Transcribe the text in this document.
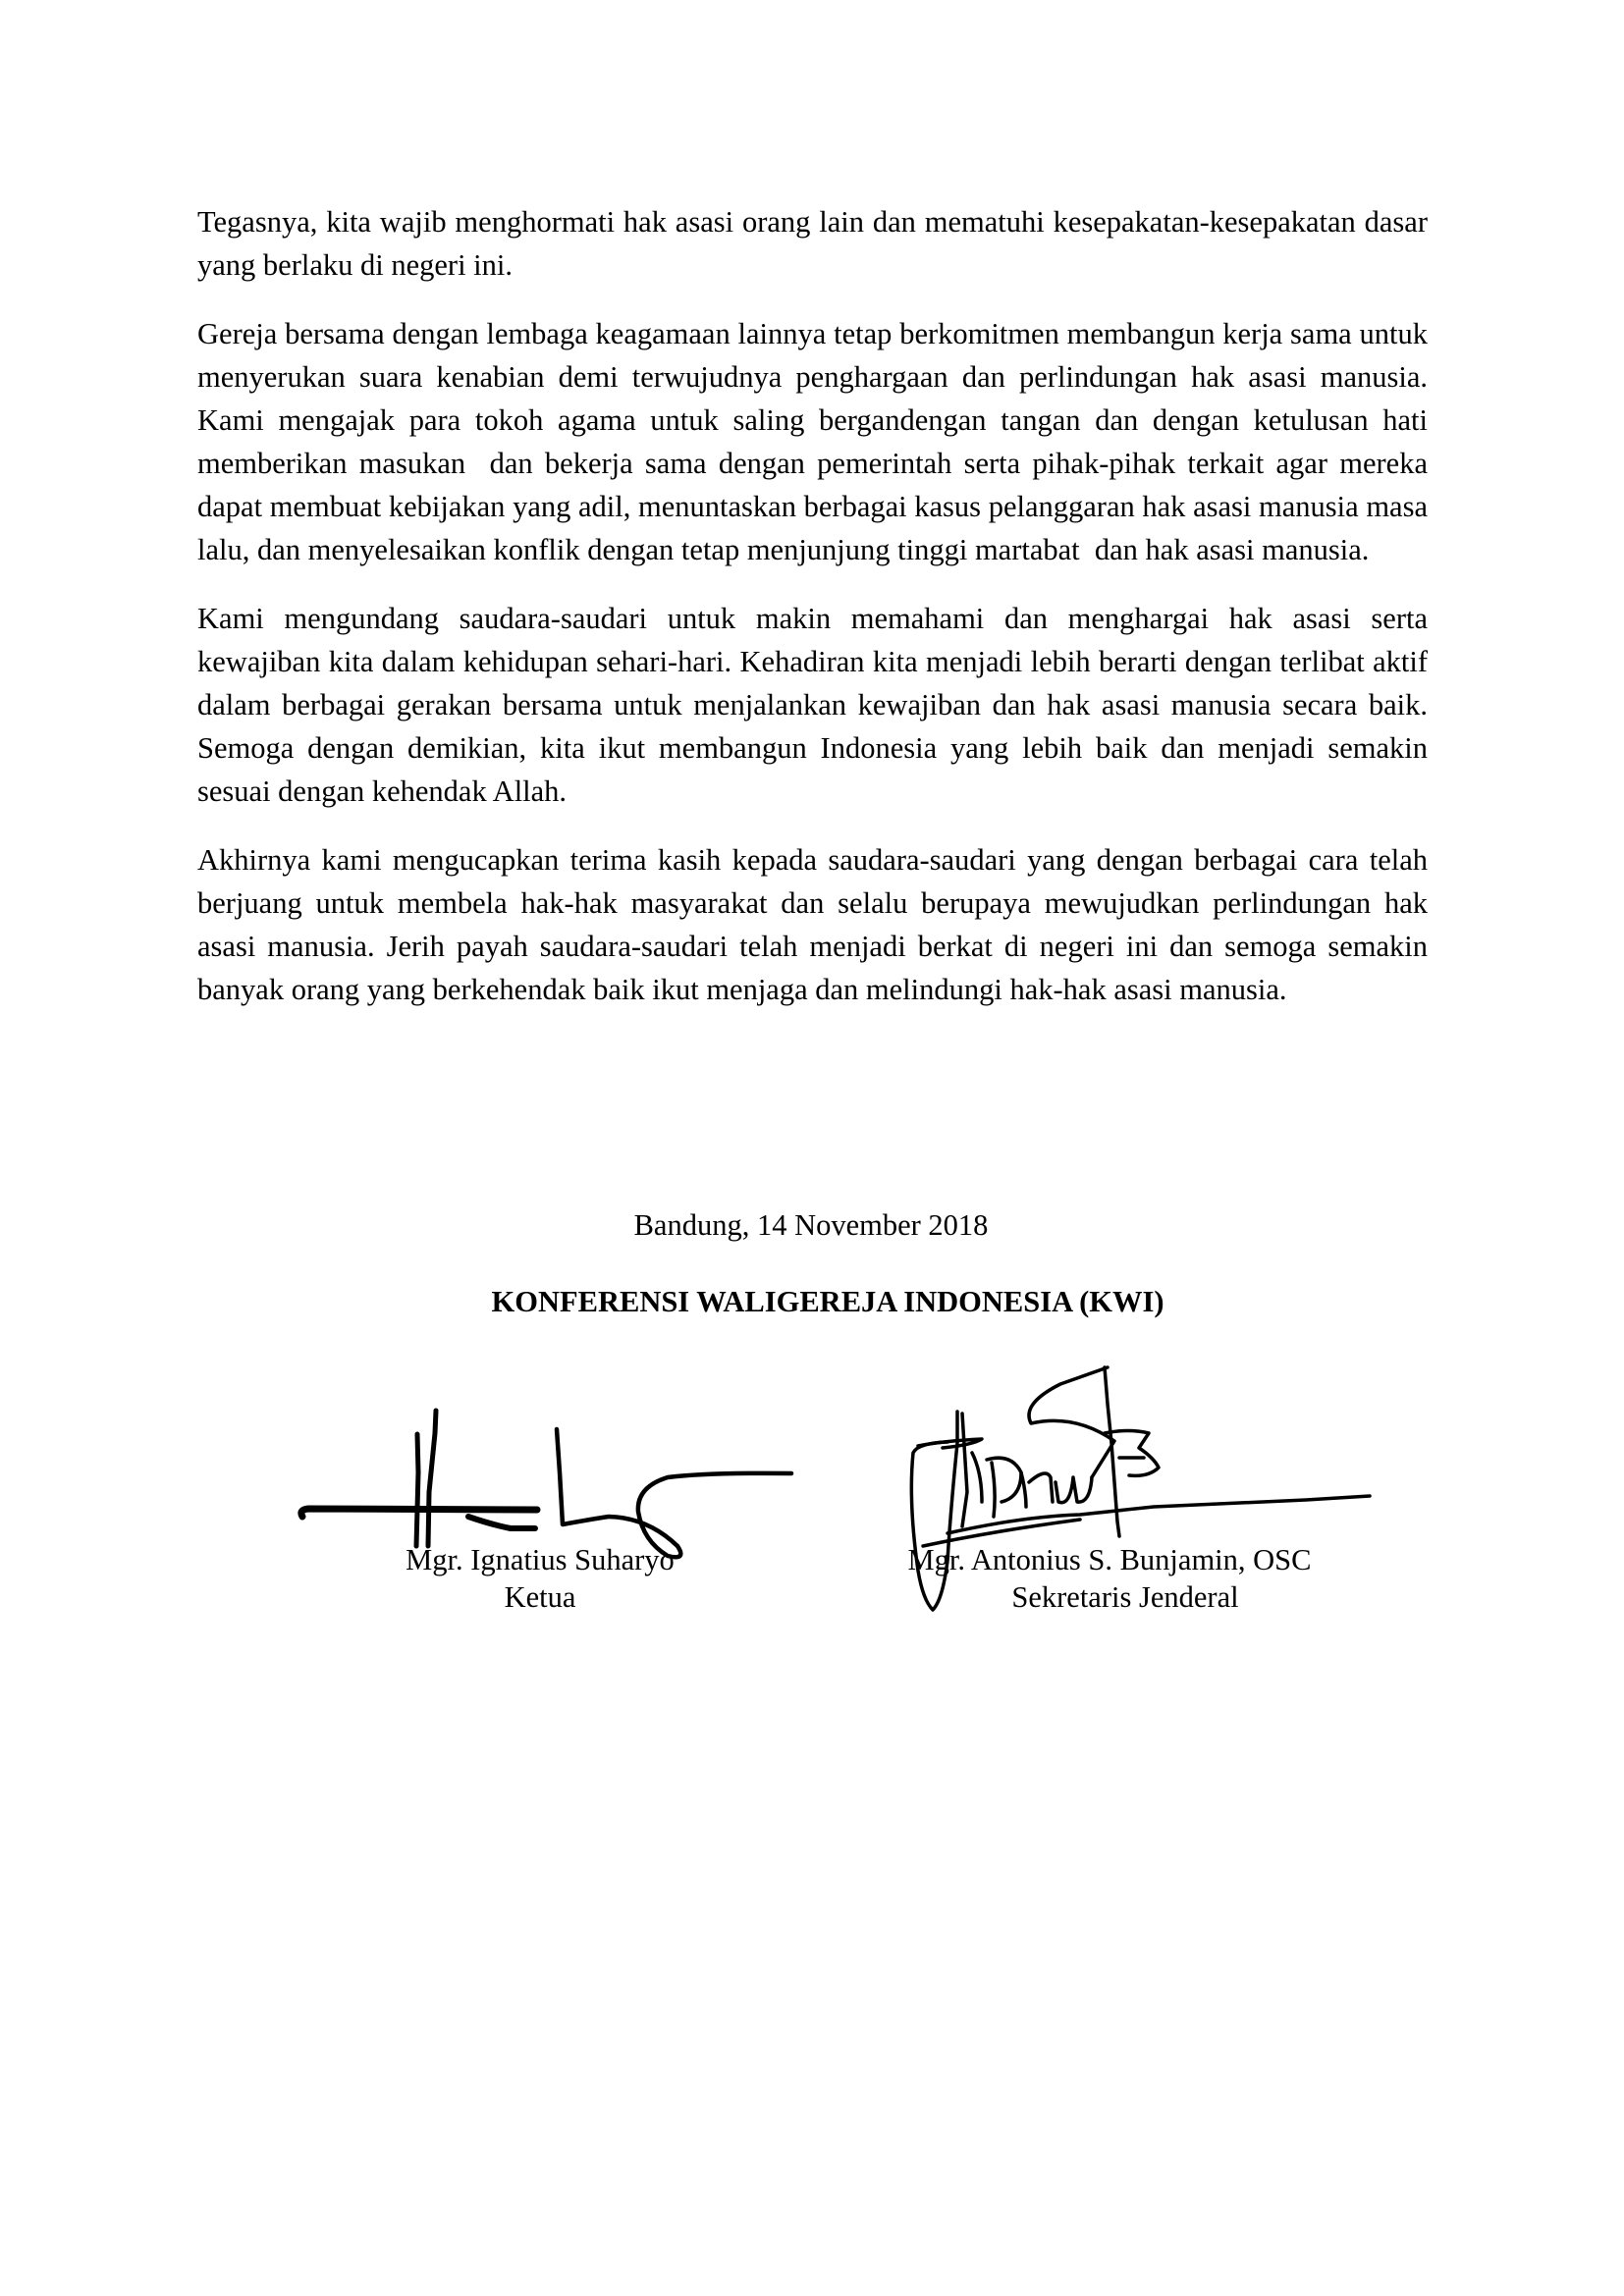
Tegasnya, kita wajib menghormati hak asasi orang lain dan mematuhi kesepakatan-kesepakatan dasar yang berlaku di negeri ini.

Gereja bersama dengan lembaga keagamaan lainnya tetap berkomitmen membangun kerja sama untuk menyerukan suara kenabian demi terwujudnya penghargaan dan perlindungan hak asasi manusia. Kami mengajak para tokoh agama untuk saling bergandengan tangan dan dengan ketulusan hati memberikan masukan  dan bekerja sama dengan pemerintah serta pihak-pihak terkait agar mereka dapat membuat kebijakan yang adil, menuntaskan berbagai kasus pelanggaran hak asasi manusia masa lalu, dan menyelesaikan konflik dengan tetap menjunjung tinggi martabat  dan hak asasi manusia.

Kami mengundang saudara-saudari untuk makin memahami dan menghargai hak asasi serta kewajiban kita dalam kehidupan sehari-hari. Kehadiran kita menjadi lebih berarti dengan terlibat aktif dalam berbagai gerakan bersama untuk menjalankan kewajiban dan hak asasi manusia secara baik. Semoga dengan demikian, kita ikut membangun Indonesia yang lebih baik dan menjadi semakin sesuai dengan kehendak Allah.

Akhirnya kami mengucapkan terima kasih kepada saudara-saudari yang dengan berbagai cara telah berjuang untuk membela hak-hak masyarakat dan selalu berupaya mewujudkan perlindungan hak asasi manusia. Jerih payah saudara-saudari telah menjadi berkat di negeri ini dan semoga semakin banyak orang yang berkehendak baik ikut menjaga dan melindungi hak-hak asasi manusia.

Bandung, 14 November 2018
KONFERENSI WALIGEREJA INDONESIA (KWI)
Mgr. Ignatius Suharyo
Ketua
Mgr. Antonius S. Bunjamin, OSC
Sekretaris Jenderal
